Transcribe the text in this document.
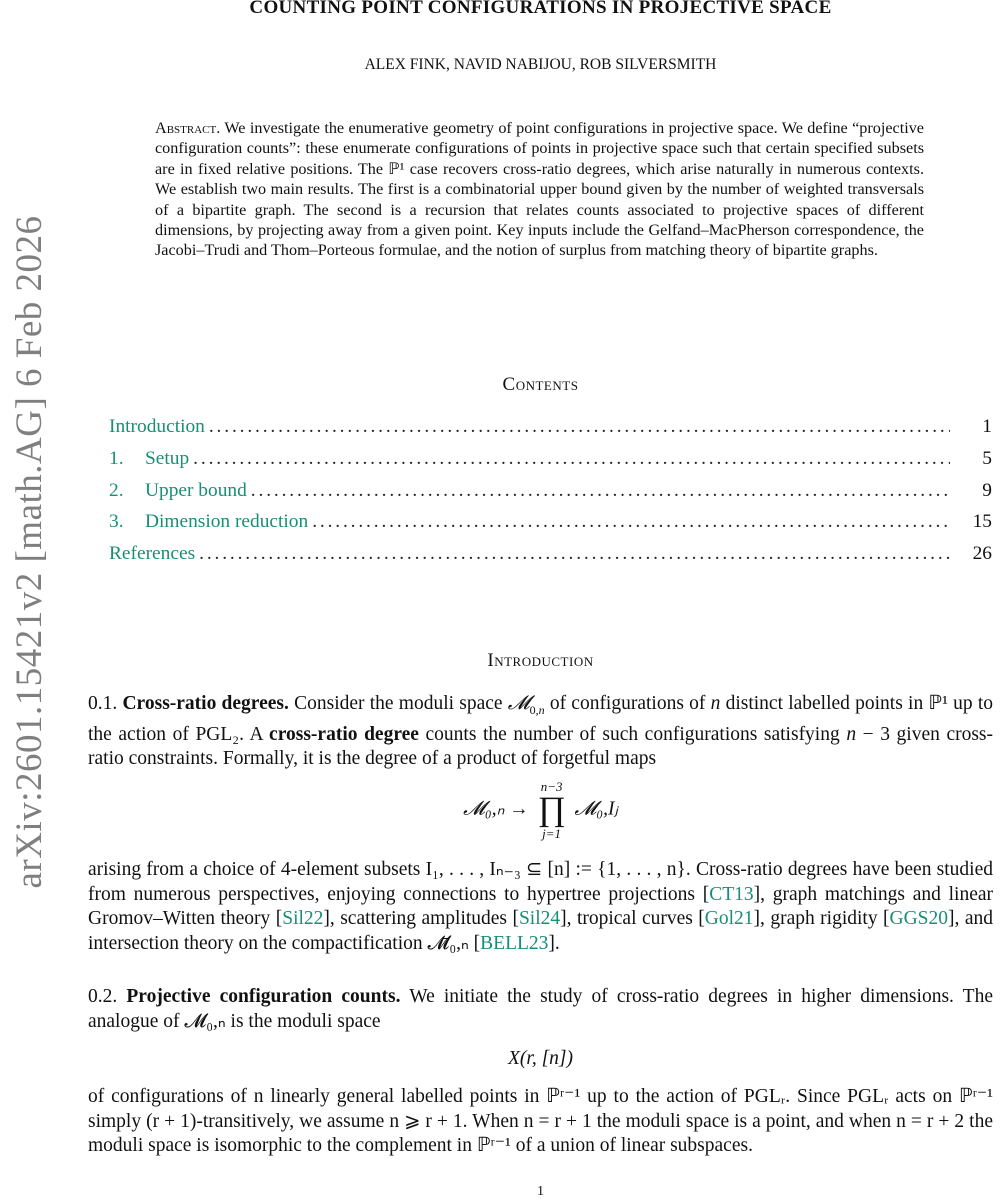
arXiv:2601.15421v2 [math.AG] 6 Feb 2026
COUNTING POINT CONFIGURATIONS IN PROJECTIVE SPACE
ALEX FINK, NAVID NABIJOU, ROB SILVERSMITH
Abstract. We investigate the enumerative geometry of point configurations in projective space. We define “projective configuration counts”: these enumerate configurations of points in projective space such that certain specified subsets are in fixed relative positions. The ℙ¹ case recovers cross-ratio degrees, which arise naturally in numerous contexts. We establish two main results. The first is a combinatorial upper bound given by the number of weighted transversals of a bipartite graph. The second is a recursion that relates counts associated to projective spaces of different dimensions, by projecting away from a given point. Key inputs include the Gelfand–MacPherson correspondence, the Jacobi–Trudi and Thom–Porteous formulae, and the notion of surplus from matching theory of bipartite graphs.
Contents
Introduction . . .	1
1.	Setup . . .	5
2.	Upper bound . . .	9
3.	Dimension reduction . . .	15
References . . .	26
Introduction
0.1. Cross-ratio degrees. Consider the moduli space 𝓜$_{0,n}$ of configurations of n distinct labelled points in ℙ¹ up to the action of PGL₂. A cross-ratio degree counts the number of such configurations satisfying n − 3 given cross-ratio constraints. Formally, it is the degree of a product of forgetful maps
𝓜₀,ₙ →
n−3
∏
j=1
𝓜₀,Iⱼ
arising from a choice of 4-element subsets I₁, . . . , Iₙ₋₃ ⊆ [n] := {1, . . . , n}. Cross-ratio degrees have been studied from numerous perspectives, enjoying connections to hypertree projections [CT13], graph matchings and linear Gromov–Witten theory [Sil22], scattering amplitudes [Sil24], tropical curves [Gol21], graph rigidity [GGS20], and intersection theory on the compactification 𝓜̄₀,ₙ [BELL23].
0.2. Projective configuration counts. We initiate the study of cross-ratio degrees in higher dimensions. The analogue of 𝓜₀,ₙ is the moduli space
X(r, [n])
of configurations of n linearly general labelled points in ℙʳ⁻¹ up to the action of PGLᵣ. Since PGLᵣ acts on ℙʳ⁻¹ simply (r + 1)-transitively, we assume n ⩾ r + 1. When n = r + 1 the moduli space is a point, and when n = r + 2 the moduli space is isomorphic to the complement in ℙʳ⁻¹ of a union of linear subspaces.
1
